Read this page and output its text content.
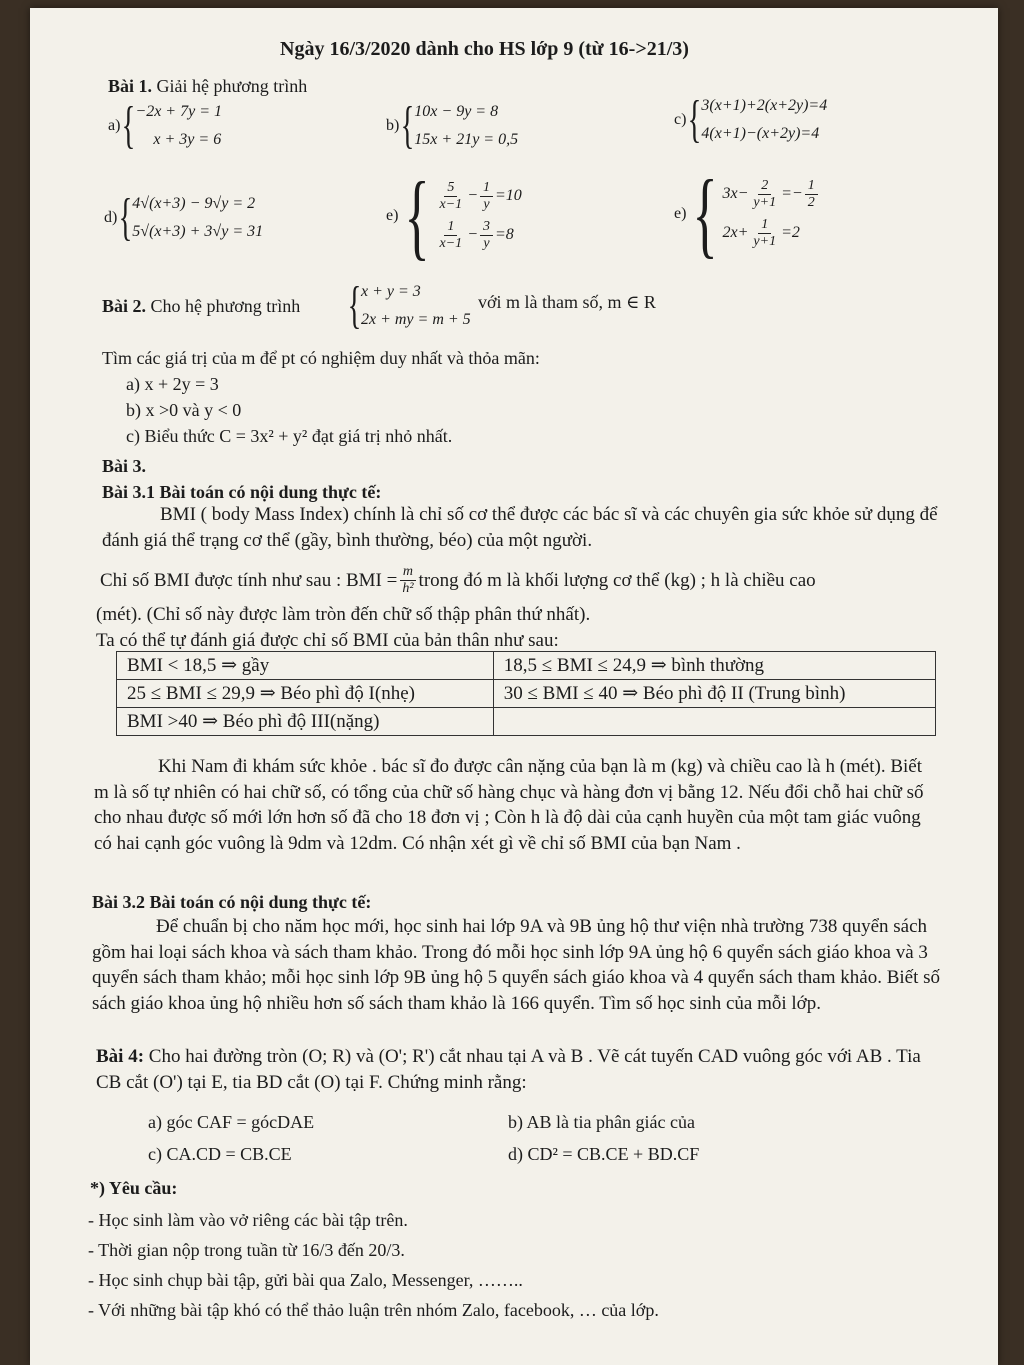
Ngày 16/3/2020 dành cho HS lớp 9 (từ 16->21/3)
Bài 1. Giải hệ phương trình
a) { −2x + 7y = 1
x + 3y = 6
b) { 10x − 9y = 8
15x + 21y = 0,5
c) { 3(x+1)+2(x+2y)=4
4(x+1)−(x+2y)=4
d) { 4√(x+3) − 9√y = 2
5√(x+3) + 3√y = 31
e) { $\frac{5}{x-1} - \frac{1}{y} =10$
$\frac{1}{x-1} - \frac{3}{y} =8$
e) { $3x- \frac{2}{y+1} =- \frac{1}{2}$
$2x+ \frac{1}{y+1} =2$
Bài 2. Cho hệ phương trình { x + y = 3
2x + my = m + 5
với m là tham số, m ∈ R
Tìm các giá trị của m để pt có nghiệm duy nhất và thỏa mãn:
a) x + 2y = 3
b) x >0 và y < 0
c) Biểu thức C = 3x² + y² đạt giá trị nhỏ nhất.
Bài 3.
Bài 3.1 Bài toán có nội dung thực tế:
BMI ( body Mass Index) chính là chỉ số cơ thể được các bác sĩ và các chuyên gia sức khỏe sử dụng để đánh giá thể trạng cơ thể (gầy, bình thường, béo) của một người.
Chỉ số BMI được tính như sau : BMI = $\frac{m}{\text{h²}}$ trong đó m là khối lượng cơ thể (kg) ; h là chiều cao
(mét). (Chỉ số này được làm tròn đến chữ số thập phân thứ nhất).
Ta có thể tự đánh giá được chỉ số BMI của bản thân như sau:
BMI < 18,5 ⇒ gầy	18,5 ≤ BMI ≤ 24,9 ⇒ bình thường
25 ≤ BMI ≤ 29,9 ⇒ Béo phì độ I(nhẹ)	30 ≤ BMI ≤ 40 ⇒ Béo phì độ II (Trung bình)
BMI >40 ⇒ Béo phì độ III(nặng)	
Khi Nam đi khám sức khỏe . bác sĩ đo được cân nặng của bạn là m (kg) và chiều cao là h (mét). Biết m là số tự nhiên có hai chữ số, có tổng của chữ số hàng chục và hàng đơn vị bằng 12. Nếu đổi chỗ hai chữ số cho nhau được số mới lớn hơn số đã cho 18 đơn vị ; Còn h là độ dài của cạnh huyền của một tam giác vuông có hai cạnh góc vuông là 9dm và 12dm. Có nhận xét gì về chỉ số BMI của bạn Nam .
Bài 3.2 Bài toán có nội dung thực tế:
Để chuẩn bị cho năm học mới, học sinh hai lớp 9A và 9B ủng hộ thư viện nhà trường 738 quyển sách gồm hai loại sách khoa và sách tham khảo. Trong đó mỗi học sinh lớp 9A ủng hộ 6 quyển sách giáo khoa và 3 quyển sách tham khảo; mỗi học sinh lớp 9B ủng hộ 5 quyển sách giáo khoa và 4 quyển sách tham khảo. Biết số sách giáo khoa ủng hộ nhiều hơn số sách tham khảo là 166 quyển. Tìm số học sinh của mỗi lớp.
Bài 4: Cho hai đường tròn (O; R) và (O'; R') cắt nhau tại A và B . Vẽ cát tuyến CAD vuông góc với AB . Tia CB cắt (O') tại E, tia BD cắt (O) tại F. Chứng minh rằng:
a) góc CAF = gócDAE	b) AB là tia phân giác của
c) CA.CD = CB.CE	d) CD² = CB.CE + BD.CF
*) Yêu cầu:
- Học sinh làm vào vở riêng các bài tập trên.
- Thời gian nộp trong tuần từ 16/3 đến 20/3.
- Học sinh chụp bài tập, gửi bài qua Zalo, Messenger, ……..
- Với những bài tập khó có thể thảo luận trên nhóm Zalo, facebook, … của lớp.
